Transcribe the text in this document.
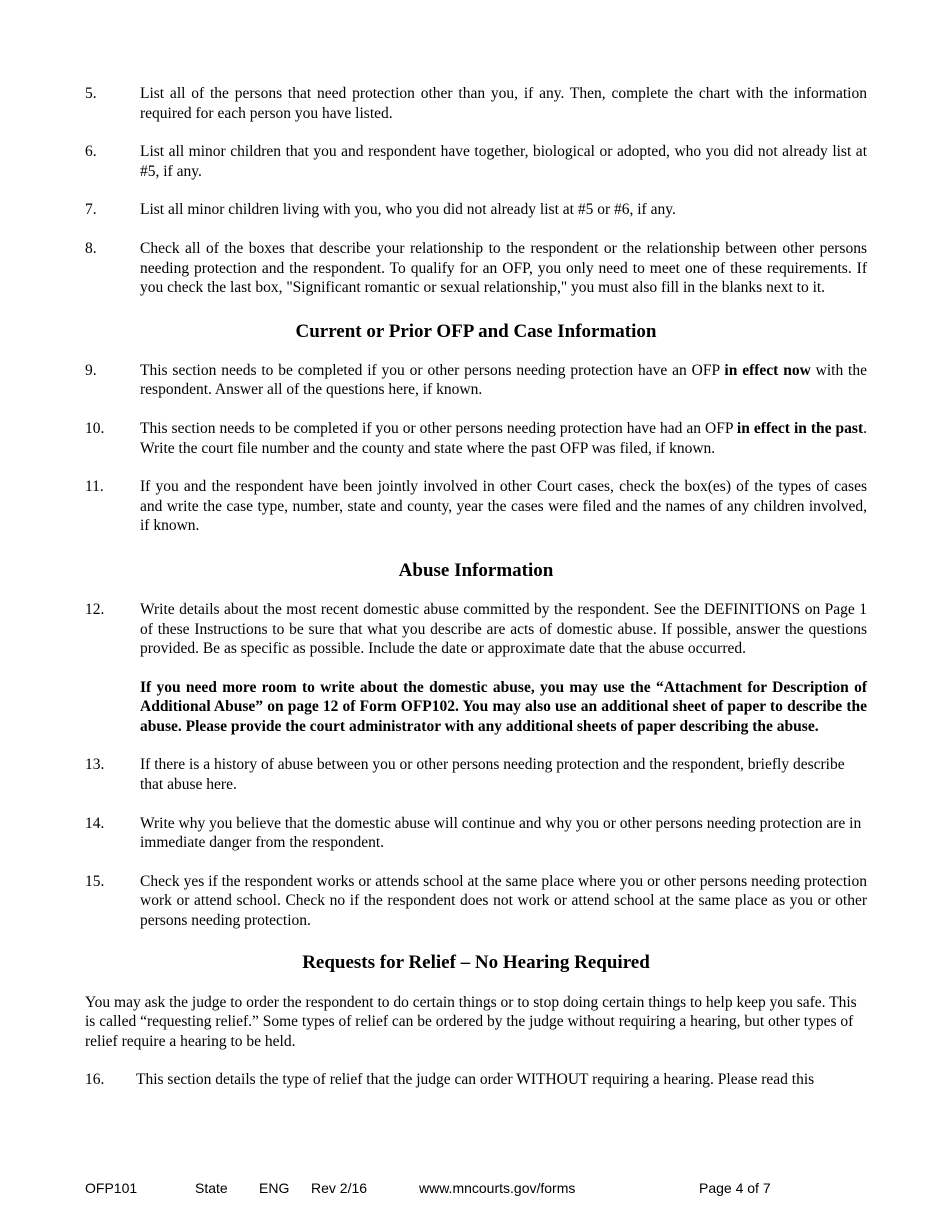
5.	List all of the persons that need protection other than you, if any. Then, complete the chart with the information required for each person you have listed.
6.	List all minor children that you and respondent have together, biological or adopted, who you did not already list at #5, if any.
7.	List all minor children living with you, who you did not already list at #5 or #6, if any.
8.	Check all of the boxes that describe your relationship to the respondent or the relationship between other persons needing protection and the respondent. To qualify for an OFP, you only need to meet one of these requirements. If you check the last box, "Significant romantic or sexual relationship," you must also fill in the blanks next to it.
Current or Prior OFP and Case Information
9.	This section needs to be completed if you or other persons needing protection have an OFP in effect now with the respondent. Answer all of the questions here, if known.
10.	This section needs to be completed if you or other persons needing protection have had an OFP in effect in the past. Write the court file number and the county and state where the past OFP was filed, if known.
11.	If you and the respondent have been jointly involved in other Court cases, check the box(es) of the types of cases and write the case type, number, state and county, year the cases were filed and the names of any children involved, if known.
Abuse Information
12.	Write details about the most recent domestic abuse committed by the respondent. See the DEFINITIONS on Page 1 of these Instructions to be sure that what you describe are acts of domestic abuse. If possible, answer the questions provided. Be as specific as possible. Include the date or approximate date that the abuse occurred.
If you need more room to write about the domestic abuse, you may use the “Attachment for Description of Additional Abuse” on page 12 of Form OFP102. You may also use an additional sheet of paper to describe the abuse. Please provide the court administrator with any additional sheets of paper describing the abuse.
13.	If there is a history of abuse between you or other persons needing protection and the respondent, briefly describe that abuse here.
14.	Write why you believe that the domestic abuse will continue and why you or other persons needing protection are in immediate danger from the respondent.
15.	Check yes if the respondent works or attends school at the same place where you or other persons needing protection work or attend school. Check no if the respondent does not work or attend school at the same place as you or other persons needing protection.
Requests for Relief – No Hearing Required
You may ask the judge to order the respondent to do certain things or to stop doing certain things to help keep you safe. This is called “requesting relief.” Some types of relief can be ordered by the judge without requiring a hearing, but other types of relief require a hearing to be held.
16.	This section details the type of relief that the judge can order WITHOUT requiring a hearing. Please read this
OFP101	State ENG Rev 2/16	www.mncourts.gov/forms	Page 4 of 7
